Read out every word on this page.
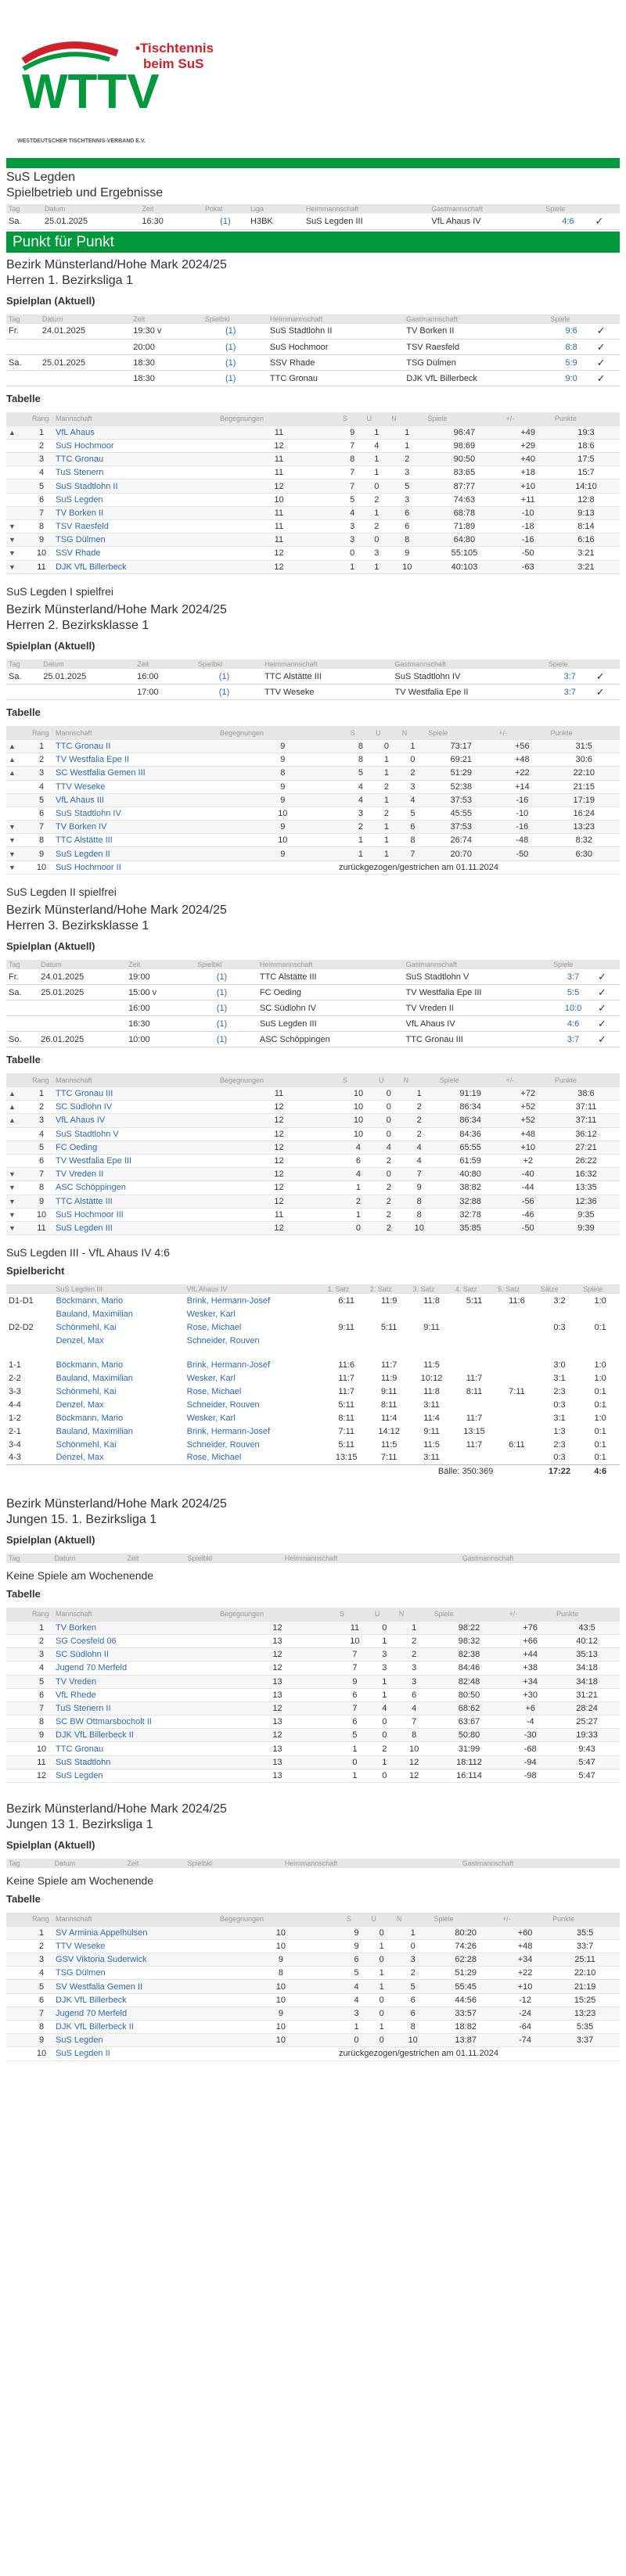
WTTV
•Tischtennis
beim SuS
WESTDEUTSCHER TISCHTENNIS-VERBAND E.V.
SuS Legden
Spielbetrieb und Ergebnisse
Tag	Datum	Zeit		Pokal	Liga	Heimmannschaft	Gastmannschaft	Spiele	
Sa.	25.01.2025	16:30		(1)	H3BK	SuS Legden III	VfL Ahaus IV	4:6	✓
Punkt für Punkt
Bezirk Münsterland/Hohe Mark 2024/25
Herren 1. Bezirksliga 1
Spielplan (Aktuell)
Tag	Datum	Zeit		Spielbkl		Heimmannschaft		Gastmannschaft	Spiele	
Fr.	24.01.2025	19:30 v		(1)		SuS Stadtlohn II		TV Borken II	9:6	✓
		20:00		(1)		SuS Hochmoor		TSV Raesfeld	8:8	✓
Sa.	25.01.2025	18:30		(1)		SSV Rhade		TSG Dülmen	5:9	✓
		18:30		(1)		TTC Gronau		DJK VfL Billerbeck	9:0	✓
Tabelle
	Rang	Mannschaft		Begegnungen	S	U	N	Spiele	+/-	Punkte
▲	1	VfL Ahaus		11	9	1	1	96:47	+49	19:3
	2	SuS Hochmoor		12	7	4	1	98:69	+29	18:6
	3	TTC Gronau		11	8	1	2	90:50	+40	17:5
	4	TuS Stenern		11	7	1	3	83:65	+18	15:7
	5	SuS Stadtlohn II		12	7	0	5	87:77	+10	14:10
	6	SuS Legden		10	5	2	3	74:63	+11	12:8
	7	TV Borken II		11	4	1	6	68:78	-10	9:13
▼	8	TSV Raesfeld		11	3	2	6	71:89	-18	8:14
▼	9	TSG Dülmen		11	3	0	8	64:80	-16	6:16
▼	10	SSV Rhade		12	0	3	9	55:105	-50	3:21
▼	11	DJK VfL Billerbeck		12	1	1	10	40:103	-63	3:21
SuS Legden I spielfrei
Bezirk Münsterland/Hohe Mark 2024/25
Herren 2. Bezirksklasse 1
Spielplan (Aktuell)
Tag	Datum	Zeit		Spielbkl		Heimmannschaft		Gastmannschaft	Spiele	
Sa.	25.01.2025	16:00		(1)		TTC Alstätte III		SuS Stadtlohn IV	3:7	✓
		17:00		(1)		TTV Weseke		TV Westfalia Epe II	3:7	✓
Tabelle
	Rang	Mannschaft		Begegnungen	S	U	N	Spiele	+/-	Punkte
▲	1	TTC Gronau II		9	8	0	1	73:17	+56	31:5
▲	2	TV Westfalia Epe II		9	8	1	0	69:21	+48	30:6
▲	3	SC Westfalia Gemen III		8	5	1	2	51:29	+22	22:10
	4	TTV Weseke		9	4	2	3	52:38	+14	21:15
	5	VfL Ahaus III		9	4	1	4	37:53	-16	17:19
	6	SuS Stadtlohn IV		10	3	2	5	45:55	-10	16:24
▼	7	TV Borken IV		9	2	1	6	37:53	-16	13:23
▼	8	TTC Alstätte III		10	1	1	8	26:74	-48	8:32
▼	9	SuS Legden II		9	1	1	7	20:70	-50	6:30
▼	10	SuS Hochmoor II		zurückgezogen/gestrichen am 01.11.2024						
SuS Legden II spielfrei
Bezirk Münsterland/Hohe Mark 2024/25
Herren 3. Bezirksklasse 1
Spielplan (Aktuell)
Tag	Datum	Zeit		Spielbkl		Heimmannschaft		Gastmannschaft	Spiele	
Fr.	24.01.2025	19:00		(1)		TTC Alstätte III		SuS Stadtlohn V	3:7	✓
Sa.	25.01.2025	15:00 v		(1)		FC Oeding		TV Westfalia Epe III	5:5	✓
		16:00		(1)		SC Südlohn IV		TV Vreden II	10:0	✓
		16:30		(1)		SuS Legden III		VfL Ahaus IV	4:6	✓
So.	26.01.2025	10:00		(1)		ASC Schöppingen		TTC Gronau III	3:7	✓
Tabelle
	Rang	Mannschaft		Begegnungen	S	U	N	Spiele	+/-	Punkte
▲	1	TTC Gronau III		11	10	0	1	91:19	+72	38:6
▲	2	SC Südlohn IV		12	10	0	2	86:34	+52	37:11
▲	3	VfL Ahaus IV		12	10	0	2	86:34	+52	37:11
	4	SuS Stadtlohn V		12	10	0	2	84:36	+48	36:12
	5	FC Oeding		12	4	4	4	65:55	+10	27:21
	6	TV Westfalia Epe III		12	6	2	4	61:59	+2	26:22
▼	7	TV Vreden II		12	4	0	7	40:80	-40	16:32
▼	8	ASC Schöppingen		12	1	2	9	38:82	-44	13:35
▼	9	TTC Alstätte III		12	2	2	8	32:88	-56	12:36
▼	10	SuS Hochmoor III		11	1	2	8	32:78	-46	9:35
▼	11	SuS Legden III		12	0	2	10	35:85	-50	9:39
SuS Legden III - VfL Ahaus IV 4:6
Spielbericht
	SuS Legden III	VfL Ahaus IV	1. Satz	2. Satz	3. Satz	4. Satz	5. Satz	Sätze	Spiele
D1-D1	Böckmann, Mario	Brink, Hermann-Josef	6:11	11:9	11:8	5:11	11:6	3:2	1:0
	Bauland, Maximilian	Wesker, Karl							
D2-D2	Schönmehl, Kai	Rose, Michael	9:11	5:11	9:11			0:3	0:1
	Denzel, Max	Schneider, Rouven							

1-1	Böckmann, Mario	Brink, Hermann-Josef	11:6	11:7	11:5			3:0	1:0
2-2	Bauland, Maximilian	Wesker, Karl	11:7	11:9	10:12	11:7		3:1	1:0
3-3	Schönmehl, Kai	Rose, Michael	11:7	9:11	11:8	8:11	7:11	2:3	0:1
4-4	Denzel, Max	Schneider, Rouven	5:11	8:11	3:11			0:3	0:1
1-2	Böckmann, Mario	Wesker, Karl	8:11	11:4	11:4	11:7		3:1	1:0
2-1	Bauland, Maximilian	Brink, Hermann-Josef	7:11	14:12	9:11	13:15		1:3	0:1
3-4	Schönmehl, Kai	Schneider, Rouven	5:11	11:5	11:5	11:7	6:11	2:3	0:1
4-3	Denzel, Max	Rose, Michael	13:15	7:11	3:11			0:3	0:1
Bälle: 350:369								17:22	4:6
Bezirk Münsterland/Hohe Mark 2024/25
Jungen 15. 1. Bezirksliga 1
Spielplan (Aktuell)
Tag	Datum	Zeit		Spielbkl		Heimmannschaft		Gastmannschaft
Keine Spiele am Wochenende
Tabelle
	Rang	Mannschaft		Begegnungen	S	U	N	Spiele	+/-	Punkte
	1	TV Borken		12	11	0	1	98:22	+76	43:5
	2	SG Coesfeld 06		13	10	1	2	98:32	+66	40:12
	3	SC Südlohn II		12	7	3	2	82:38	+44	35:13
	4	Jugend 70 Merfeld		12	7	3	3	84:46	+38	34:18
	5	TV Vreden		13	9	1	3	82:48	+34	34:18
	6	VfL Rhede		13	6	1	6	80:50	+30	31:21
	7	TuS Stenern II		12	7	4	4	68:62	+6	28:24
	8	SC BW Ottmarsbocholt II		13	6	0	7	63:67	-4	25:27
	9	DJK VfL Billerbeck II		12	5	0	8	50:80	-30	19:33
	10	TTC Gronau		13	1	2	10	31:99	-68	9:43
	11	SuS Stadtlohn		13	0	1	12	18:112	-94	5:47
	12	SuS Legden		13	1	0	12	16:114	-98	5:47
Bezirk Münsterland/Hohe Mark 2024/25
Jungen 13 1. Bezirksliga 1
Spielplan (Aktuell)
Tag	Datum	Zeit		Spielbkl		Heimmannschaft		Gastmannschaft
Keine Spiele am Wochenende
Tabelle
	Rang	Mannschaft		Begegnungen	S	U	N	Spiele	+/-	Punkte
	1	SV Arminia Appelhülsen		10	9	0	1	80:20	+60	35:5
	2	TTV Weseke		10	9	1	0	74:26	+48	33:7
	3	GSV Viktoria Suderwick		9	6	0	3	62:28	+34	25:11
	4	TSG Dülmen		8	5	1	2	51:29	+22	22:10
	5	SV Westfalia Gemen II		10	4	1	5	55:45	+10	21:19
	6	DJK VfL Billerbeck		10	4	0	6	44:56	-12	15:25
	7	Jugend 70 Merfeld		9	3	0	6	33:57	-24	13:23
	8	DJK VfL Billerbeck II		10	1	1	8	18:82	-64	5:35
	9	SuS Legden		10	0	0	10	13:87	-74	3:37
	10	SuS Legden II		zurückgezogen/gestrichen am 01.11.2024						
